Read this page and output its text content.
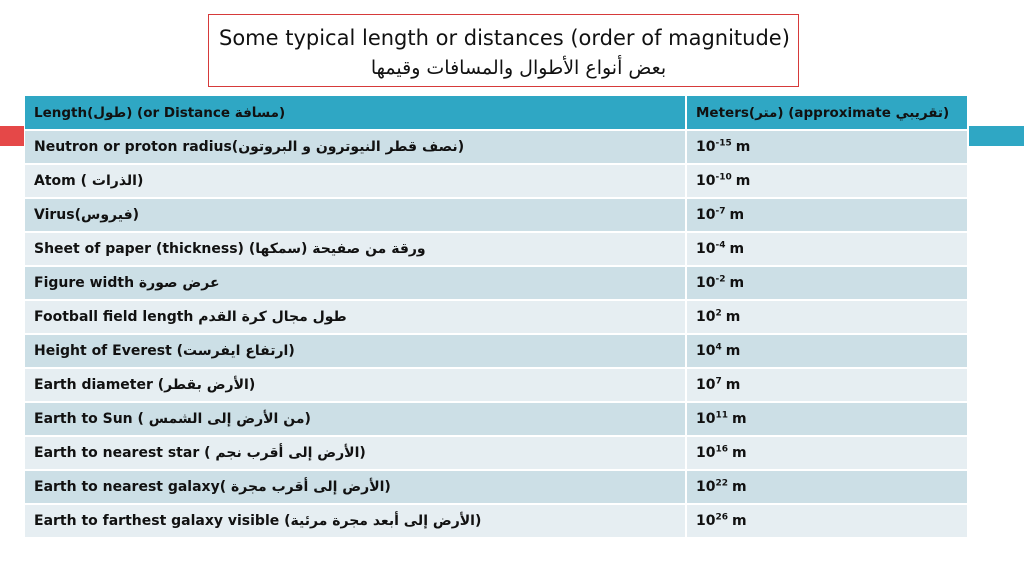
Some typical length or distances (order of magnitude)
بعض أنواع الأطوال والمسافات وقيمها
Length(طول) (or Distance مسافة)	Meters(متر) (approximate تقريبي)
Neutron or proton radius(نصف قطر النيوترون و البروتون)	$10^{-15}$ m
Atom ( الذرات)	$10^{-10}$ m
Virus(فيروس)	$10^{-7}$ m
Sheet of paper (thickness) (سمكها) ورقة من صفيحة	$10^{-4}$ m
Figure width عرض صورة	$10^{-2}$ m
Football field length طول مجال كرة القدم	$10^2$ m
Height of Everest (ارتفاع ايفرست)	$10^4$ m
Earth diameter (الأرض بقطر)	$10^7$ m
Earth to Sun ( من الأرض إلى الشمس)	$10^{11}$ m
Earth to nearest star ( الأرض إلى أقرب نجم)	$10^{16}$ m
Earth to nearest galaxy( الأرض إلى أقرب مجرة)	$10^{22}$ m
Earth to farthest galaxy visible (الأرض إلى أبعد مجرة مرئية)	$10^{26}$ m
